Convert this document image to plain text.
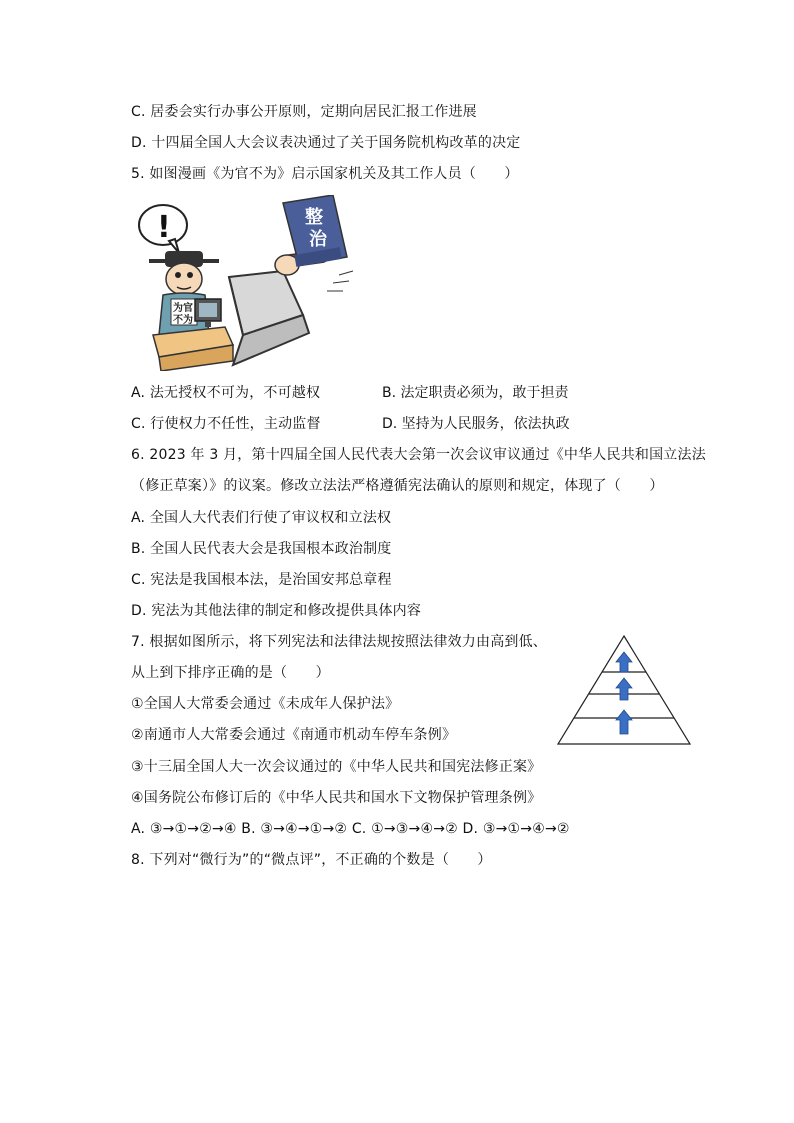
C. 居委会实行办事公开原则，定期向居民汇报工作进展
D. 十四届全国人大会议表决通过了关于国务院机构改革的决定
5. 如图漫画《为官不为》启示国家机关及其工作人员（　　）
!
为官
不为
整
治
A. 法无授权不可为，不可越权	B. 法定职责必须为，敢于担责
C. 行使权力不任性，主动监督	D. 坚持为人民服务，依法执政
6. 2023 年 3 月，第十四届全国人民代表大会第一次会议审议通过《中华人民共和国立法法
（修正草案）》的议案。修改立法法严格遵循宪法确认的原则和规定，体现了（　　）
A. 全国人大代表们行使了审议权和立法权
B. 全国人民代表大会是我国根本政治制度
C. 宪法是我国根本法，是治国安邦总章程
D. 宪法为其他法律的制定和修改提供具体内容
7. 根据如图所示，将下列宪法和法律法规按照法律效力由高到低、
从上到下排序正确的是（　　）
①全国人大常委会通过《未成年人保护法》
②南通市人大常委会通过《南通市机动车停车条例》
③十三届全国人大一次会议通过的《中华人民共和国宪法修正案》
④国务院公布修订后的《中华人民共和国水下文物保护管理条例》
A. ③→①→②→④ B. ③→④→①→② C. ①→③→④→② D. ③→①→④→②
8. 下列对“微行为”的“微点评”，不正确的个数是（　　）
